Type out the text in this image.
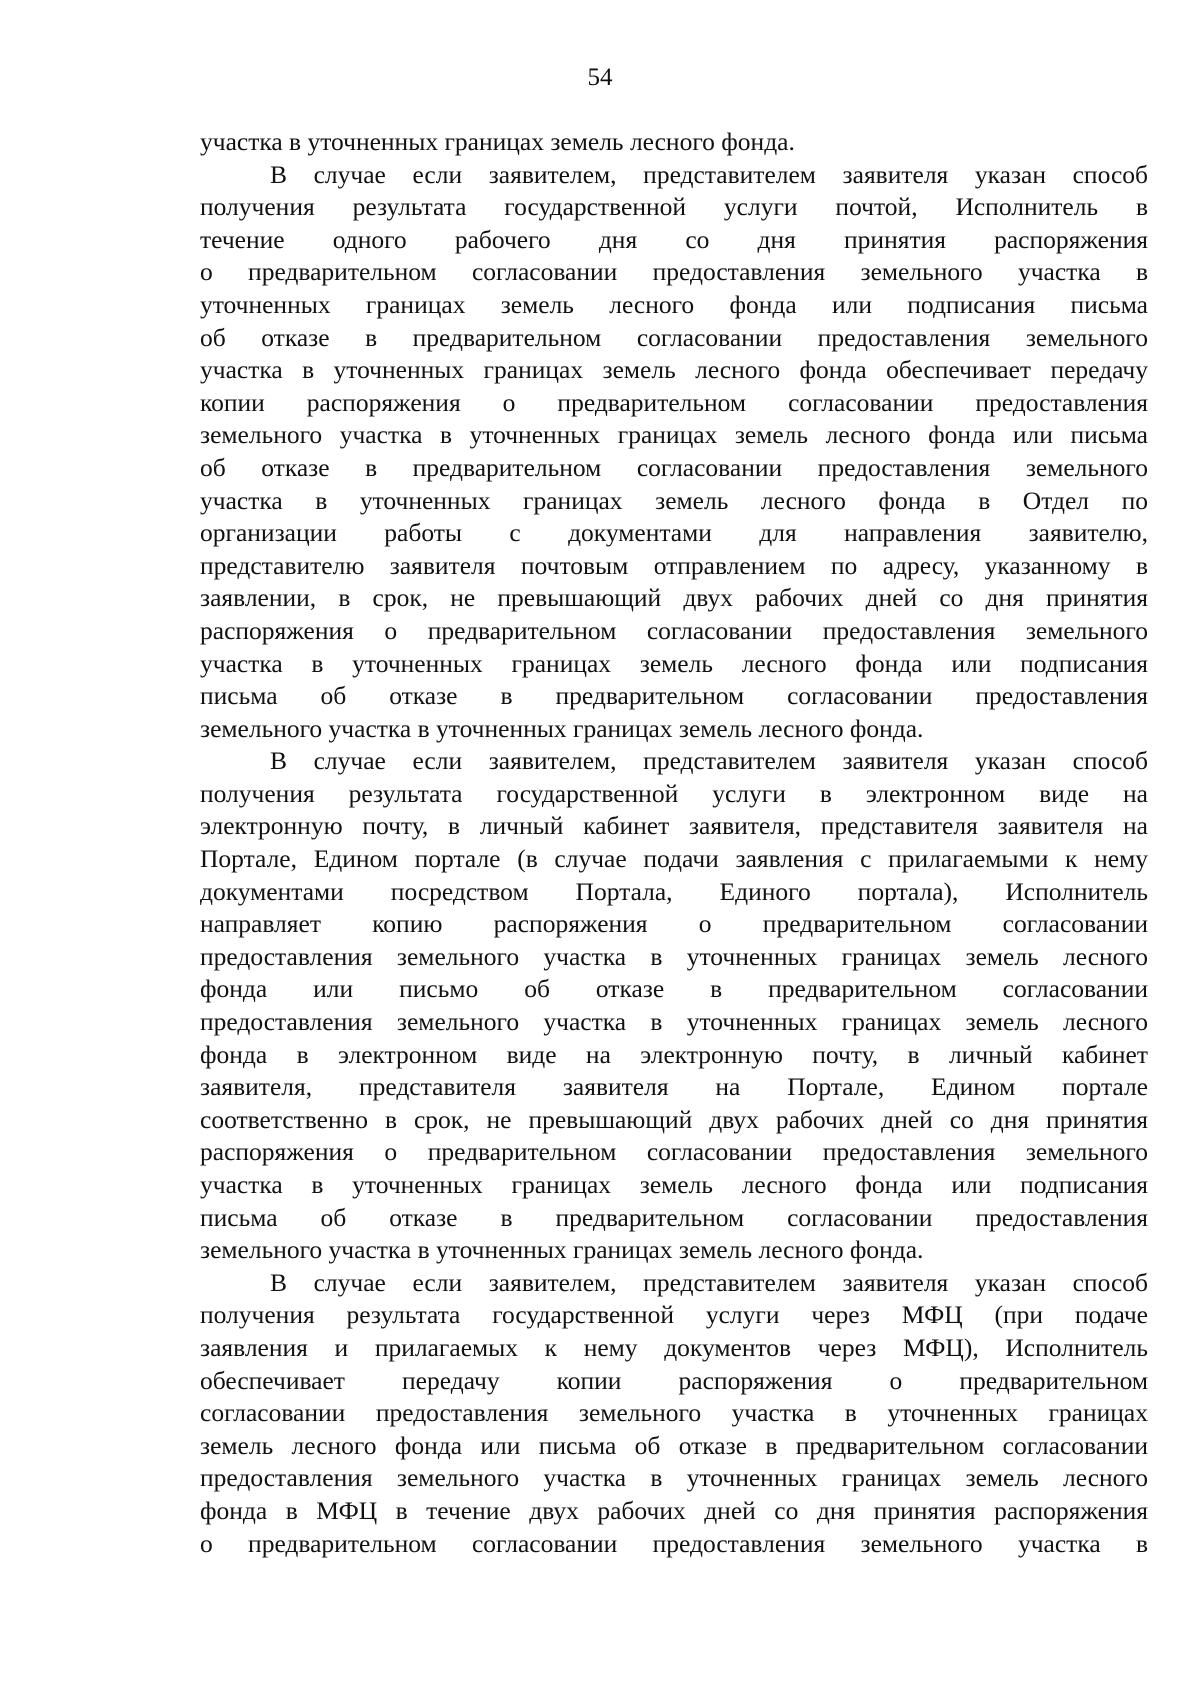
54
участка в уточненных границах земель лесного фонда.
В случае если заявителем, представителем заявителя указан способ
получения результата государственной услуги почтой, Исполнитель в
течение одного рабочего дня со дня принятия распоряжения
о предварительном согласовании предоставления земельного участка в
уточненных границах земель лесного фонда или подписания письма
об отказе в предварительном согласовании предоставления земельного
участка в уточненных границах земель лесного фонда обеспечивает передачу
копии распоряжения о предварительном согласовании предоставления
земельного участка в уточненных границах земель лесного фонда или письма
об отказе в предварительном согласовании предоставления земельного
участка в уточненных границах земель лесного фонда в Отдел по
организации работы с документами для направления заявителю,
представителю заявителя почтовым отправлением по адресу, указанному в
заявлении, в срок, не превышающий двух рабочих дней со дня принятия
распоряжения о предварительном согласовании предоставления земельного
участка в уточненных границах земель лесного фонда или подписания
письма об отказе в предварительном согласовании предоставления
земельного участка в уточненных границах земель лесного фонда.
В случае если заявителем, представителем заявителя указан способ
получения результата государственной услуги в электронном виде на
электронную почту, в личный кабинет заявителя, представителя заявителя на
Портале, Едином портале (в случае подачи заявления с прилагаемыми к нему
документами посредством Портала, Единого портала), Исполнитель
направляет копию распоряжения о предварительном согласовании
предоставления земельного участка в уточненных границах земель лесного
фонда или письмо об отказе в предварительном согласовании
предоставления земельного участка в уточненных границах земель лесного
фонда в электронном виде на электронную почту, в личный кабинет
заявителя, представителя заявителя на Портале, Едином портале
соответственно в срок, не превышающий двух рабочих дней со дня принятия
распоряжения о предварительном согласовании предоставления земельного
участка в уточненных границах земель лесного фонда или подписания
письма об отказе в предварительном согласовании предоставления
земельного участка в уточненных границах земель лесного фонда.
В случае если заявителем, представителем заявителя указан способ
получения результата государственной услуги через МФЦ (при подаче
заявления и прилагаемых к нему документов через МФЦ), Исполнитель
обеспечивает передачу копии распоряжения о предварительном
согласовании предоставления земельного участка в уточненных границах
земель лесного фонда или письма об отказе в предварительном согласовании
предоставления земельного участка в уточненных границах земель лесного
фонда в МФЦ в течение двух рабочих дней со дня принятия распоряжения
о предварительном согласовании предоставления земельного участка в
